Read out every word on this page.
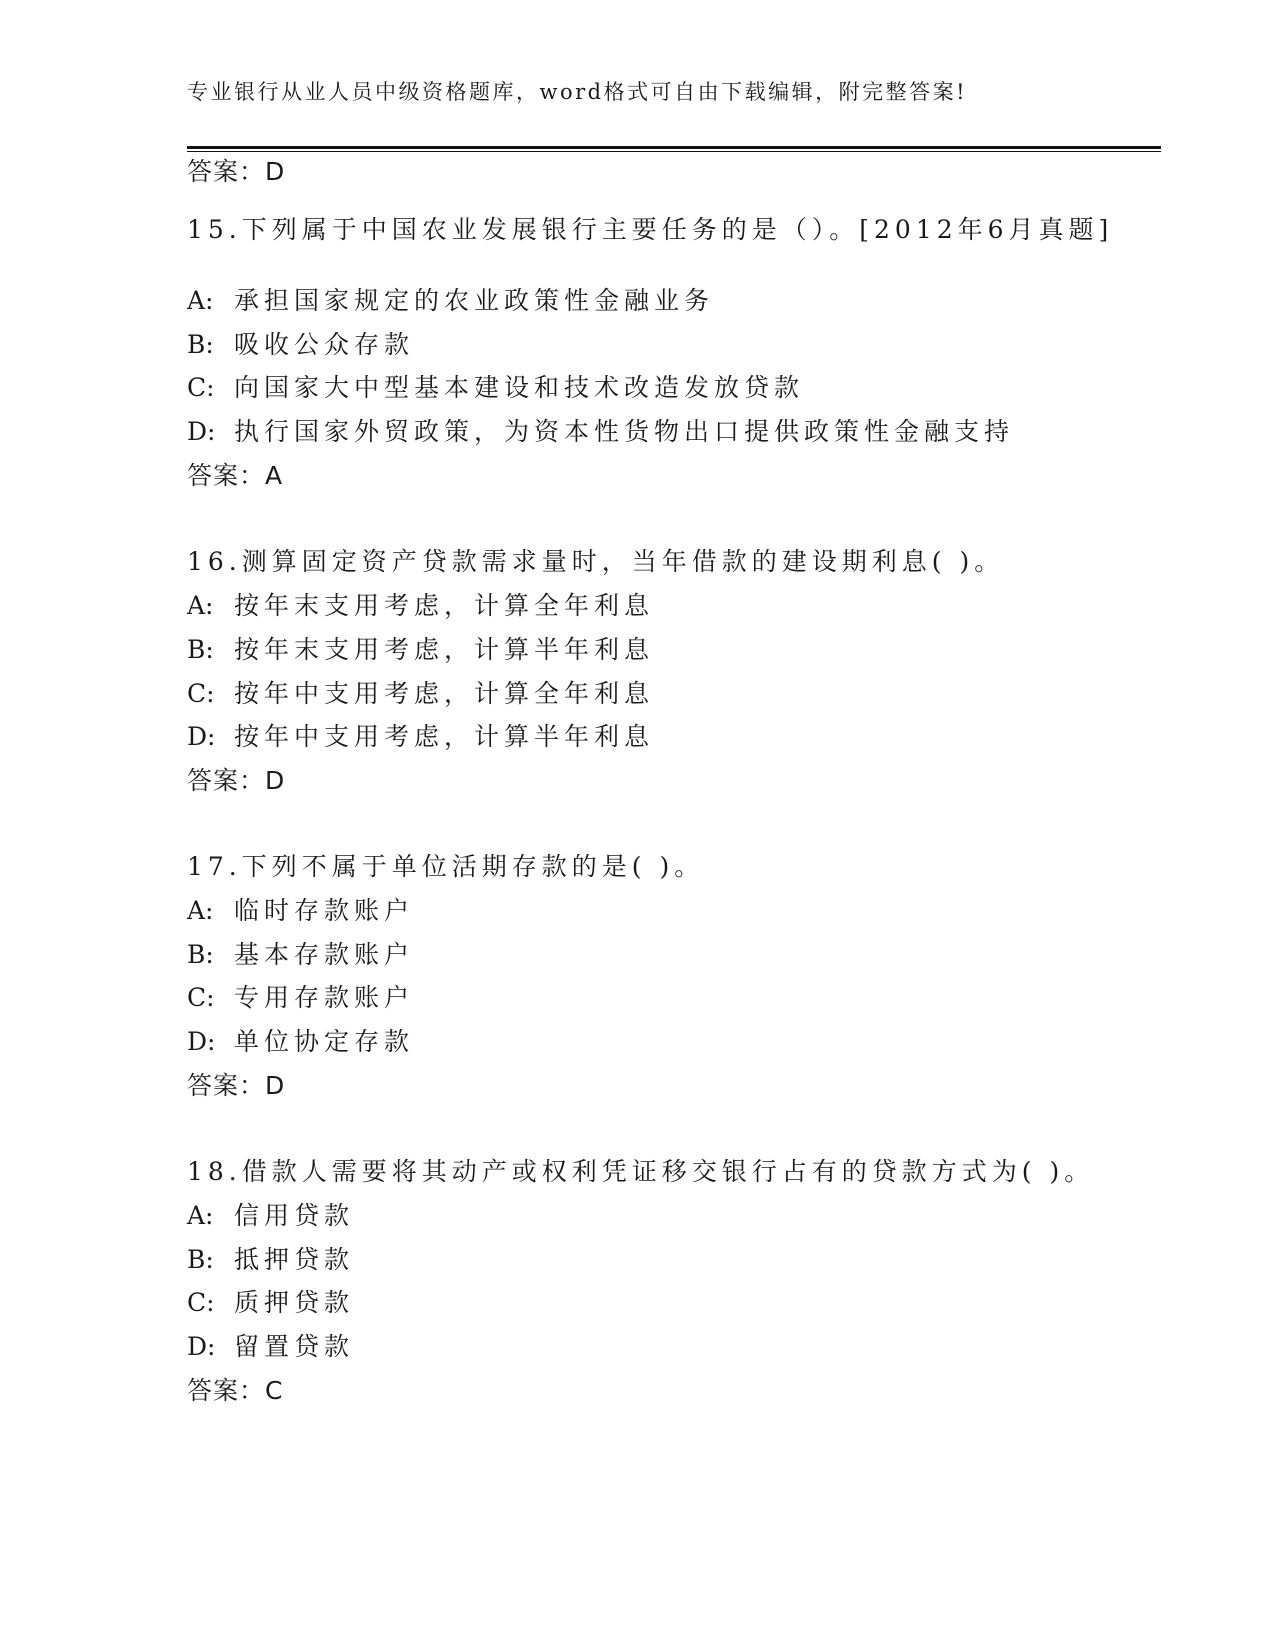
专业银行从业人员中级资格题库，word格式可自由下载编辑，附完整答案!
答案：D
15.下列属于中国农业发展银行主要任务的是（）。[2012年6月真题]
A: 承担国家规定的农业政策性金融业务
B: 吸收公众存款
C: 向国家大中型基本建设和技术改造发放贷款
D: 执行国家外贸政策，为资本性货物出口提供政策性金融支持
答案：A
16.测算固定资产贷款需求量时，当年借款的建设期利息( )。
A: 按年末支用考虑，计算全年利息
B: 按年末支用考虑，计算半年利息
C: 按年中支用考虑，计算全年利息
D: 按年中支用考虑，计算半年利息
答案：D
17.下列不属于单位活期存款的是( )。
A: 临时存款账户
B: 基本存款账户
C: 专用存款账户
D: 单位协定存款
答案：D
18.借款人需要将其动产或权利凭证移交银行占有的贷款方式为( )。
A: 信用贷款
B: 抵押贷款
C: 质押贷款
D: 留置贷款
答案：C
